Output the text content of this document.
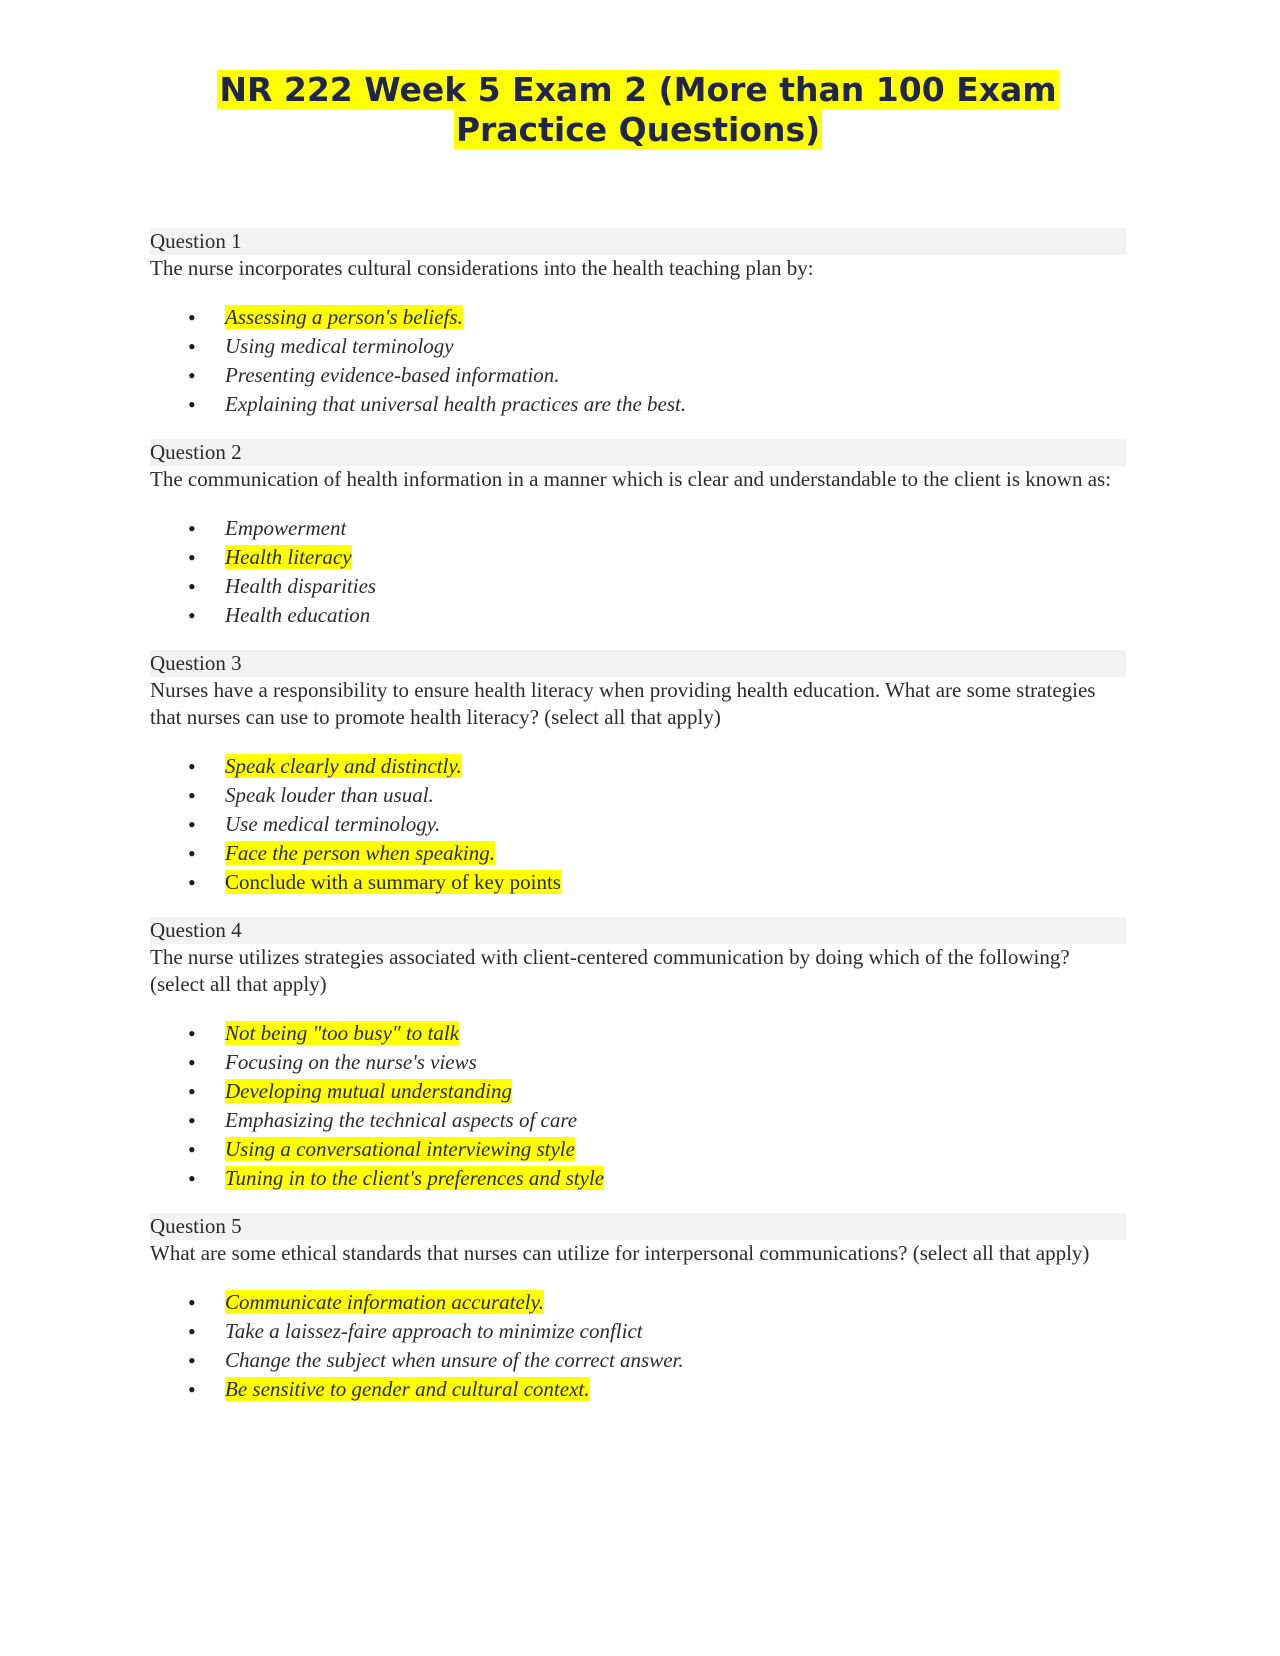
NR 222 Week 5 Exam 2 (More than 100 Exam
Practice Questions)
Question 1
The nurse incorporates cultural considerations into the health teaching plan by:
• Assessing a person's beliefs.
• Using medical terminology
• Presenting evidence-based information.
• Explaining that universal health practices are the best.
Question 2
The communication of health information in a manner which is clear and understandable to the client is known as:
• Empowerment
• Health literacy
• Health disparities
• Health education
Question 3
Nurses have a responsibility to ensure health literacy when providing health education. What are some strategies that nurses can use to promote health literacy? (select all that apply)
• Speak clearly and distinctly.
• Speak louder than usual.
• Use medical terminology.
• Face the person when speaking.
• Conclude with a summary of key points
Question 4
The nurse utilizes strategies associated with client-centered communication by doing which of the following? (select all that apply)
• Not being "too busy" to talk
• Focusing on the nurse's views
• Developing mutual understanding
• Emphasizing the technical aspects of care
• Using a conversational interviewing style
• Tuning in to the client's preferences and style
Question 5
What are some ethical standards that nurses can utilize for interpersonal communications? (select all that apply)
• Communicate information accurately.
• Take a laissez-faire approach to minimize conflict
• Change the subject when unsure of the correct answer.
• Be sensitive to gender and cultural context.
